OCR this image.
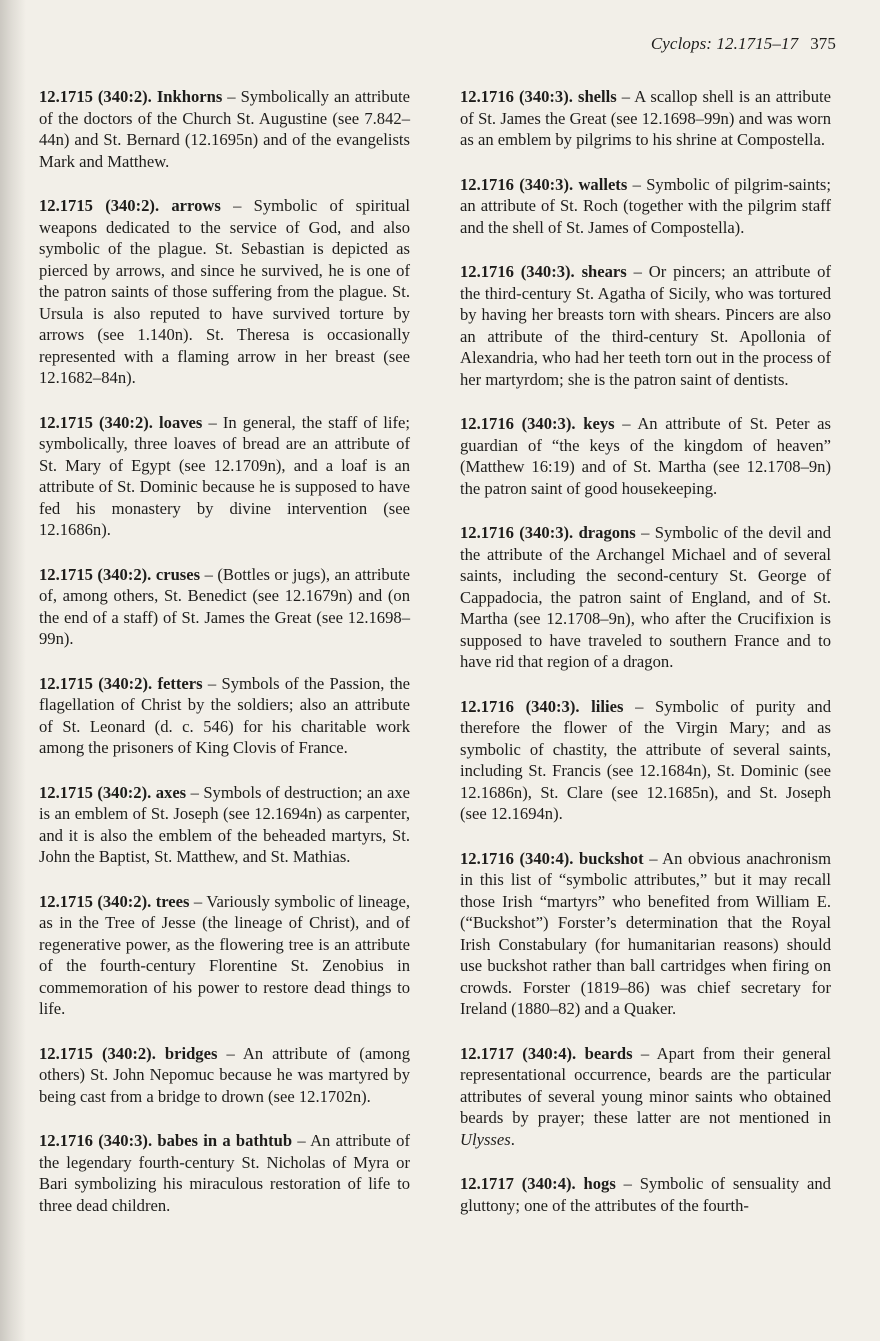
Cyclops: 12.1715–17 375

12.1715 (340:2). Inkhorns – Symbolically an attribute of the doctors of the Church St. Augustine (see 7.842–44n) and St. Bernard (12.1695n) and of the evangelists Mark and Matthew.

12.1715 (340:2). arrows – Symbolic of spiritual weapons dedicated to the service of God, and also symbolic of the plague. St. Sebastian is depicted as pierced by arrows, and since he survived, he is one of the patron saints of those suffering from the plague. St. Ursula is also reputed to have survived torture by arrows (see 1.140n). St. Theresa is occasionally represented with a flaming arrow in her breast (see 12.1682–84n).

12.1715 (340:2). loaves – In general, the staff of life; symbolically, three loaves of bread are an attribute of St. Mary of Egypt (see 12.1709n), and a loaf is an attribute of St. Dominic because he is supposed to have fed his monastery by divine intervention (see 12.1686n).

12.1715 (340:2). cruses – (Bottles or jugs), an attribute of, among others, St. Benedict (see 12.1679n) and (on the end of a staff) of St. James the Great (see 12.1698–99n).

12.1715 (340:2). fetters – Symbols of the Passion, the flagellation of Christ by the soldiers; also an attribute of St. Leonard (d. c. 546) for his charitable work among the prisoners of King Clovis of France.

12.1715 (340:2). axes – Symbols of destruction; an axe is an emblem of St. Joseph (see 12.1694n) as carpenter, and it is also the emblem of the beheaded martyrs, St. John the Baptist, St. Matthew, and St. Mathias.

12.1715 (340:2). trees – Variously symbolic of lineage, as in the Tree of Jesse (the lineage of Christ), and of regenerative power, as the flowering tree is an attribute of the fourth-century Florentine St. Zenobius in commemoration of his power to restore dead things to life.

12.1715 (340:2). bridges – An attribute of (among others) St. John Nepomuc because he was martyred by being cast from a bridge to drown (see 12.1702n).

12.1716 (340:3). babes in a bathtub – An attribute of the legendary fourth-century St. Nicholas of Myra or Bari symbolizing his miraculous restoration of life to three dead children.

12.1716 (340:3). shells – A scallop shell is an attribute of St. James the Great (see 12.1698–99n) and was worn as an emblem by pilgrims to his shrine at Compostella.

12.1716 (340:3). wallets – Symbolic of pilgrim-saints; an attribute of St. Roch (together with the pilgrim staff and the shell of St. James of Compostella).

12.1716 (340:3). shears – Or pincers; an attribute of the third-century St. Agatha of Sicily, who was tortured by having her breasts torn with shears. Pincers are also an attribute of the third-century St. Apollonia of Alexandria, who had her teeth torn out in the process of her martyrdom; she is the patron saint of dentists.

12.1716 (340:3). keys – An attribute of St. Peter as guardian of “the keys of the kingdom of heaven” (Matthew 16:19) and of St. Martha (see 12.1708–9n) the patron saint of good housekeeping.

12.1716 (340:3). dragons – Symbolic of the devil and the attribute of the Archangel Michael and of several saints, including the second-century St. George of Cappadocia, the patron saint of England, and of St. Martha (see 12.1708–9n), who after the Crucifixion is supposed to have traveled to southern France and to have rid that region of a dragon.

12.1716 (340:3). lilies – Symbolic of purity and therefore the flower of the Virgin Mary; and as symbolic of chastity, the attribute of several saints, including St. Francis (see 12.1684n), St. Dominic (see 12.1686n), St. Clare (see 12.1685n), and St. Joseph (see 12.1694n).

12.1716 (340:4). buckshot – An obvious anachronism in this list of “symbolic attributes,” but it may recall those Irish “martyrs” who benefited from William E. (“Buckshot”) Forster’s determination that the Royal Irish Constabulary (for humanitarian reasons) should use buckshot rather than ball cartridges when firing on crowds. Forster (1819–86) was chief secretary for Ireland (1880–82) and a Quaker.

12.1717 (340:4). beards – Apart from their general representational occurrence, beards are the particular attributes of several young minor saints who obtained beards by prayer; these latter are not mentioned in Ulysses.

12.1717 (340:4). hogs – Symbolic of sensuality and gluttony; one of the attributes of the fourth-
